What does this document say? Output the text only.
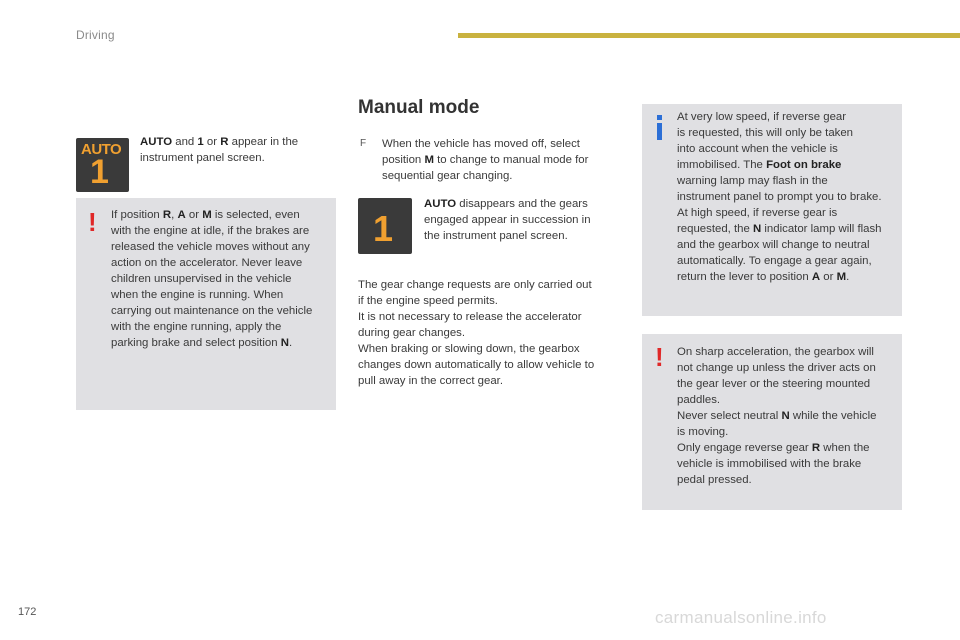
Driving
AUTO
1
AUTO and 1 or R appear in the
instrument panel screen.
! If position R, A or M is selected, even
with the engine at idle, if the brakes are
released the vehicle moves without any
action on the accelerator. Never leave
children unsupervised in the vehicle
when the engine is running. When
carrying out maintenance on the vehicle
with the engine running, apply the
parking brake and select position N.
Manual mode
F When the vehicle has moved off, select
position M to change to manual mode for
sequential gear changing.
1
AUTO disappears and the gears
engaged appear in succession in
the instrument panel screen.
The gear change requests are only carried out
if the engine speed permits.
It is not necessary to release the accelerator
during gear changes.
When braking or slowing down, the gearbox
changes down automatically to allow vehicle to
pull away in the correct gear.
At very low speed, if reverse gear
is requested, this will only be taken
into account when the vehicle is
immobilised. The Foot on brake
warning lamp may flash in the
instrument panel to prompt you to brake.
At high speed, if reverse gear is
requested, the N indicator lamp will flash
and the gearbox will change to neutral
automatically. To engage a gear again,
return the lever to position A or M.
! On sharp acceleration, the gearbox will
not change up unless the driver acts on
the gear lever or the steering mounted
paddles.
Never select neutral N while the vehicle
is moving.
Only engage reverse gear R when the
vehicle is immobilised with the brake
pedal pressed.
172	carmanualsonline.info
